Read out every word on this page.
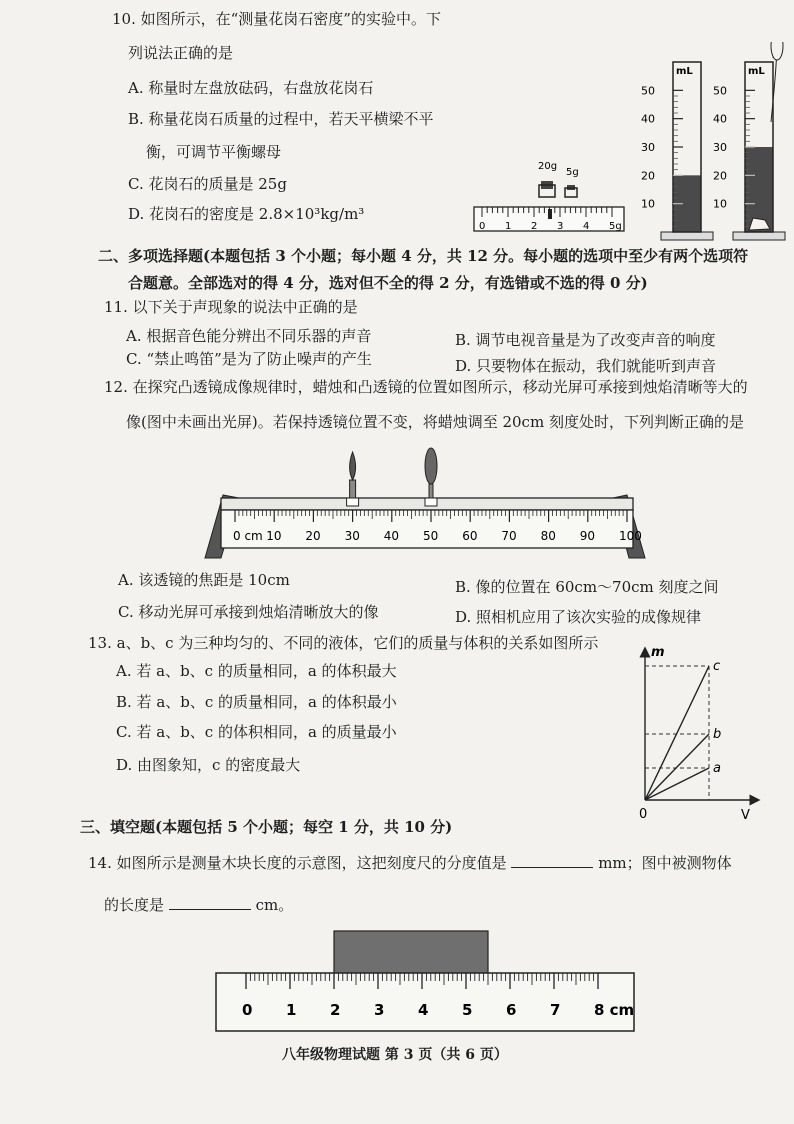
10. 如图所示，在“测量花岗石密度”的实验中。下
列说法正确的是
A. 称量时左盘放砝码，右盘放花岗石
B. 称量花岗石质量的过程中，若天平横梁不平
衡，可调节平衡螺母
C. 花岗石的质量是 25g
D. 花岗石的密度是 2.8×10³kg/m³
20g
5g
0 1 2 3 4 5g
mL
50
40
30
20
10
mL
50
40
30
20
10
二、多项选择题(本题包括 3 个小题；每小题 4 分，共 12 分。每小题的选项中至少有两个选项符
合题意。全部选对的得 4 分，选对但不全的得 2 分，有选错或不选的得 0 分)
11. 以下关于声现象的说法中正确的是
A. 根据音色能分辨出不同乐器的声音	B. 调节电视音量是为了改变声音的响度
C. “禁止鸣笛”是为了防止噪声的产生	D. 只要物体在振动，我们就能听到声音
12. 在探究凸透镜成像规律时，蜡烛和凸透镜的位置如图所示，移动光屏可承接到烛焰清晰等大的
像(图中未画出光屏)。若保持透镜位置不变，将蜡烛调至 20cm 刻度处时，下列判断正确的是
0 cm 10 20 30 40 50 60 70 80 90 100
A. 该透镜的焦距是 10cm	B. 像的位置在 60cm～70cm 刻度之间
C. 移动光屏可承接到烛焰清晰放大的像	D. 照相机应用了该次实验的成像规律
13. a、b、c 为三种均匀的、不同的液体，它们的质量与体积的关系如图所示
A. 若 a、b、c 的质量相同，a 的体积最大
B. 若 a、b、c 的质量相同，a 的体积最小
C. 若 a、b、c 的体积相同，a 的质量最小
D. 由图象知，c 的密度最大
m
V
0
c
b
a
三、填空题(本题包括 5 个小题；每空 1 分，共 10 分)
14. 如图所示是测量木块长度的示意图，这把刻度尺的分度值是	mm；图中被测物体
的长度是	cm。
0 1 2 3 4 5 6 7 8 cm
八年级物理试题 第 3 页（共 6 页）
